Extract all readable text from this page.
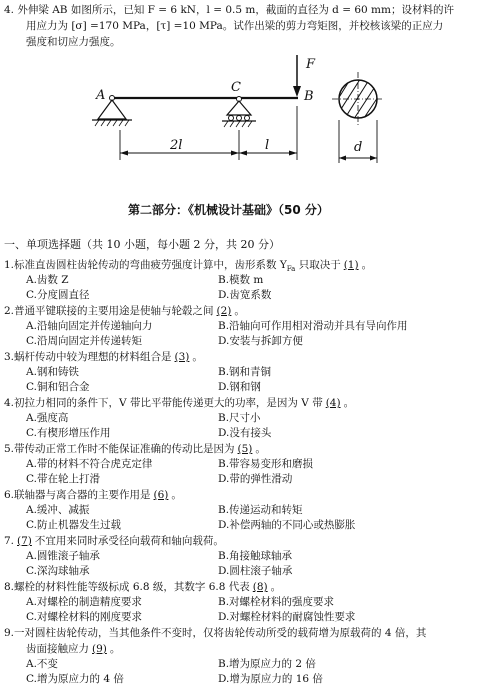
4. 外伸梁 AB 如图所示，已知 F = 6 kN，l = 0.5 m，截面的直径为 d = 60 mm；设材料的许
用应力为 [σ] =170 MPa，[τ] =10 MPa。试作出梁的剪力弯矩图，并校核该梁的正应力
强度和切应力强度。
A
C
B
F
2l	l	d
第二部分：《机械设计基础》（50 分）
一、单项选择题（共 10 小题，每小题 2 分，共 20 分）
1.标准直齿圆柱齿轮传动的弯曲疲劳强度计算中，齿形系数 $Y_{Fa}$ 只取决于 (1) 。
A.齿数 Z	B.模数 m
C.分度圆直径	D.齿宽系数
2.普通平键联接的主要用途是使轴与轮毂之间 (2) 。
A.沿轴向固定并传递轴向力	B.沿轴向可作用相对滑动并具有导向作用
C.沿周向固定并传递转矩	D.安装与拆卸方便
3.蜗杆传动中较为理想的材料组合是 (3) 。
A.钢和铸铁	B.钢和青铜
C.铜和铝合金	D.钢和钢
4.初拉力相同的条件下，V 带比平带能传递更大的功率，是因为 V 带 (4) 。
A.强度高	B.尺寸小
C.有楔形增压作用	D.没有接头
5.带传动正常工作时不能保证准确的传动比是因为 (5) 。
A.带的材料不符合虎克定律	B.带容易变形和磨损
C.带在轮上打滑	D.带的弹性滑动
6.联轴器与离合器的主要作用是 (6) 。
A.缓冲、减振	B.传递运动和转矩
C.防止机器发生过载	D.补偿两轴的不同心或热膨胀
7. (7) 不宜用来同时承受径向载荷和轴向载荷。
A.圆锥滚子轴承	B.角接触球轴承
C.深沟球轴承	D.圆柱滚子轴承
8.螺栓的材料性能等级标成 6.8 级，其数字 6.8 代表 (8) 。
A.对螺栓的制造精度要求	B.对螺栓材料的强度要求
C.对螺栓材料的刚度要求	D.对螺栓材料的耐腐蚀性要求
9.一对圆柱齿轮传动，当其他条件不变时，仅将齿轮传动所受的载荷增为原载荷的 4 倍，其
齿面接触应力 (9) 。
A.不变	B.增为原应力的 2 倍
C.增为原应力的 4 倍	D.增为原应力的 16 倍
